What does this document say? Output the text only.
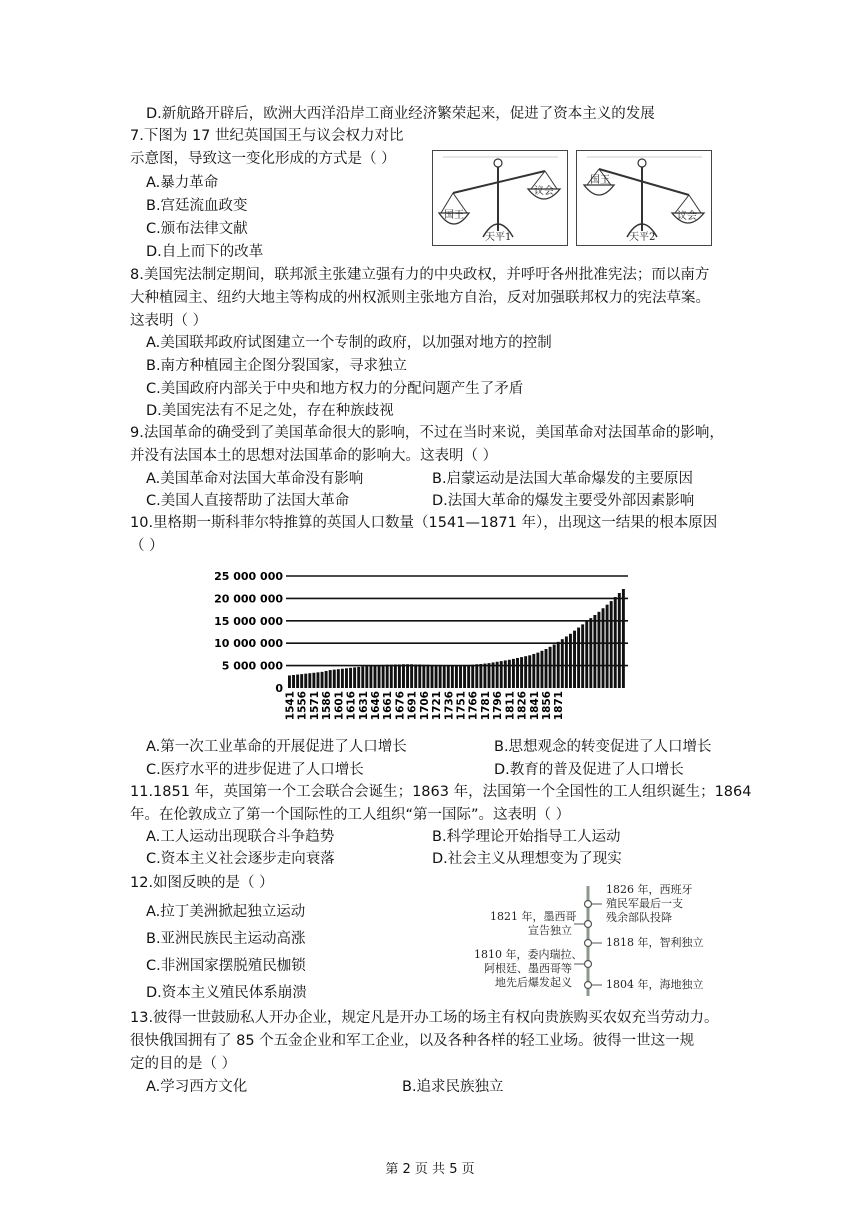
D.新航路开辟后，欧洲大西洋沿岸工商业经济繁荣起来，促进了资本主义的发展
7.下图为 17 世纪英国国王与议会权力对比
示意图，导致这一变化形成的方式是（ ）
A.暴力革命
B.宫廷流血政变
C.颁布法律文献
D.自上而下的改革
国王
议会
天平1
国王
议会
天平2
8.美国宪法制定期间，联邦派主张建立强有力的中央政权，并呼吁各州批准宪法；而以南方
大种植园主、纽约大地主等构成的州权派则主张地方自治，反对加强联邦权力的宪法草案。
这表明（ ）
A.美国联邦政府试图建立一个专制的政府，以加强对地方的控制
B.南方种植园主企图分裂国家，寻求独立
C.美国政府内部关于中央和地方权力的分配问题产生了矛盾
D.美国宪法有不足之处，存在种族歧视
9.法国革命的确受到了美国革命很大的影响，不过在当时来说，美国革命对法国革命的影响，
并没有法国本土的思想对法国革命的影响大。这表明（ ）
A.美国革命对法国大革命没有影响	B.启蒙运动是法国大革命爆发的主要原因
C.美国人直接帮助了法国大革命	D.法国大革命的爆发主要受外部因素影响
10.里格期一斯科菲尔特推算的英国人口数量（1541—1871 年），出现这一结果的根本原因
（ ）
25 000 000
20 000 000
15 000 000
10 000 000
5 000 000
0
1541 1556 1571 1586 1601 1616 1631 1646 1661 1676 1691 1706 1721 1736 1751 1766 1781 1796 1811 1826 1841 1856 1871
A.第一次工业革命的开展促进了人口增长	B.思想观念的转变促进了人口增长
C.医疗水平的进步促进了人口增长	D.教育的普及促进了人口增长
11.1851 年，英国第一个工会联合会诞生；1863 年，法国第一个全国性的工人组织诞生；1864
年。在伦敦成立了第一个国际性的工人组织“第一国际”。这表明（ ）
A.工人运动出现联合斗争趋势	B.科学理论开始指导工人运动
C.资本主义社会逐步走向衰落	D.社会主义从理想变为了现实
12.如图反映的是（ ）
A.拉丁美洲掀起独立运动
B.亚洲民族民主运动高涨
C.非洲国家摆脱殖民枷锁
D.资本主义殖民体系崩溃
1826 年，西班牙
殖民军最后一支
残余部队投降
1821 年，墨西哥
宣告独立
1818 年，智利独立
1810 年，委内瑞拉、
阿根廷、墨西哥等
地先后爆发起义	1804 年，海地独立
13.彼得一世鼓励私人开办企业，规定凡是开办工场的场主有权向贵族购买农奴充当劳动力。
很快俄国拥有了 85 个五金企业和军工企业，以及各种各样的轻工业场。彼得一世这一规
定的目的是（ ）
A.学习西方文化	B.追求民族独立
第 2 页 共 5 页
